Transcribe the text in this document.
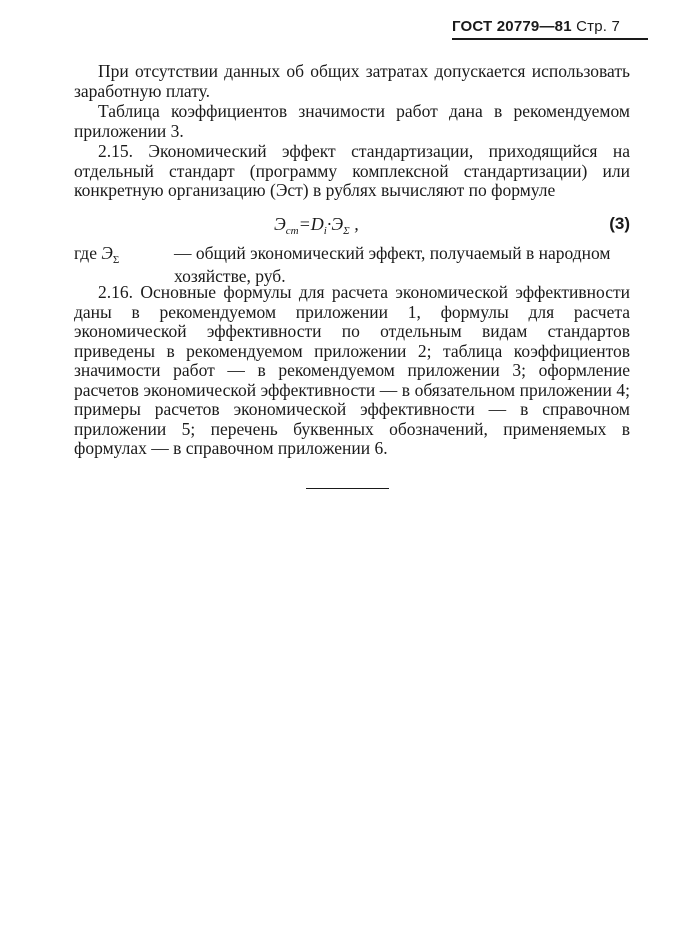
ГОСТ 20779—81 Стр. 7

При отсутствии данных об общих затратах допускается использовать заработную плату.

Таблица коэффициентов значимости работ дана в рекомендуемом приложении 3.

2.15. Экономический эффект стандартизации, приходящийся на отдельный стандарт (программу комплексной стандартизации) или конкретную организацию (Эст) в рублях вычисляют по формуле

$Э_{ст}=D_i\cdot Э_\Sigma$ ,	(3)
где $Э_\Sigma$	— общий экономический эффект, получаемый в народном
хозяйстве, руб.

2.16. Основные формулы для расчета экономической эффективности даны в рекомендуемом приложении 1, формулы для расчета экономической эффективности по отдельным видам стандартов приведены в рекомендуемом приложении 2; таблица коэффициентов значимости работ — в рекомендуемом приложении 3; оформление расчетов экономической эффективности — в обязательном приложении 4; примеры расчетов экономической эффективности — в справочном приложении 5; перечень буквенных обозначений, применяемых в формулах — в справочном приложении 6.
